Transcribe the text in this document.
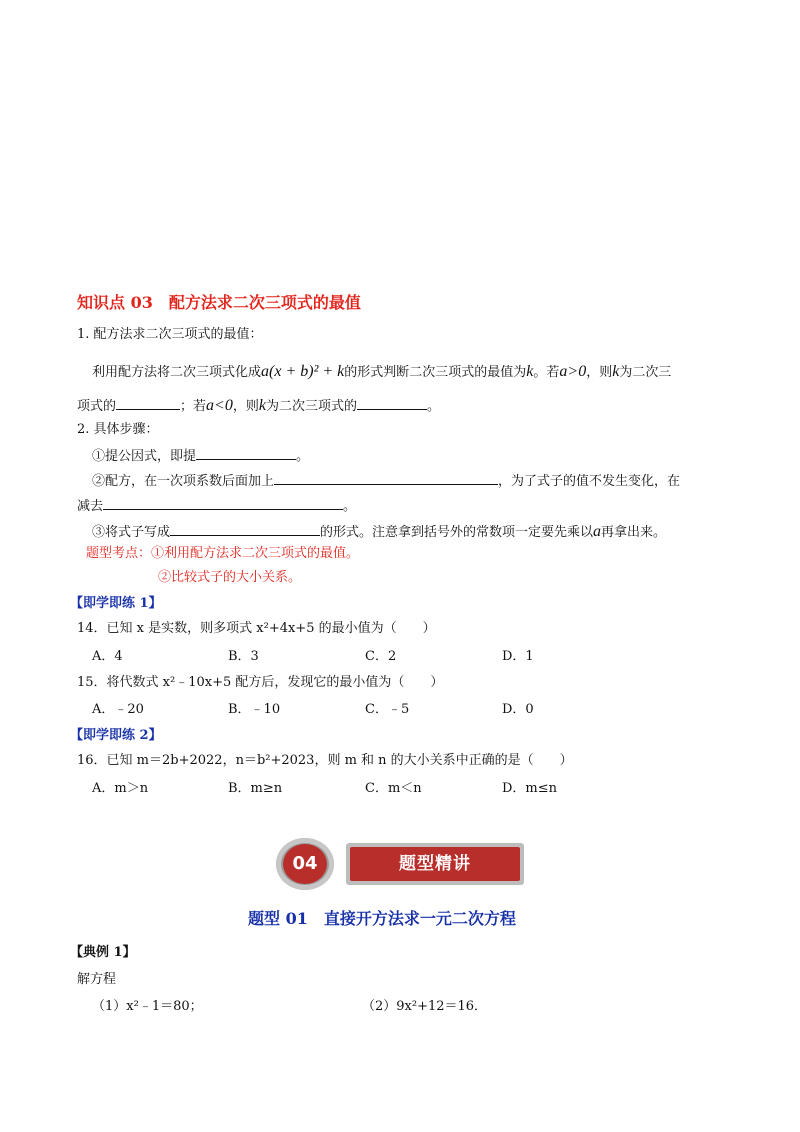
知识点 03　配方法求二次三项式的最值
1. 配方法求二次三项式的最值：
利用配方法将二次三项式化成a(x + b)² + k的形式判断二次三项式的最值为k。若a>0，则k为二次三
项式的	；若a<0，则k为二次三项式的	。
2. 具体步骤：
①提公因式，即提	。
②配方，在一次项系数后面加上	，为了式子的值不发生变化，在
减去	。
③将式子写成	的形式。注意拿到括号外的常数项一定要先乘以a再拿出来。
题型考点：①利用配方法求二次三项式的最值。
②比较式子的大小关系。
【即学即练 1】
14．已知 x 是实数，则多项式 x²+4x+5 的最小值为（　　）
A．4	B．3	C．2	D．1
15．将代数式 x²﹣10x+5 配方后，发现它的最小值为（　　）
A．﹣20	B．﹣10	C．﹣5	D．0
【即学即练 2】
16．已知 m＝2b+2022，n＝b²+2023，则 m 和 n 的大小关系中正确的是（　　）
A．m＞n	B．m≥n	C．m＜n	D．m≤n
04	题型精讲
题型 01　直接开方法求一元二次方程
【典例 1】
解方程
（1）x²﹣1＝80；	（2）9x²+12＝16．
